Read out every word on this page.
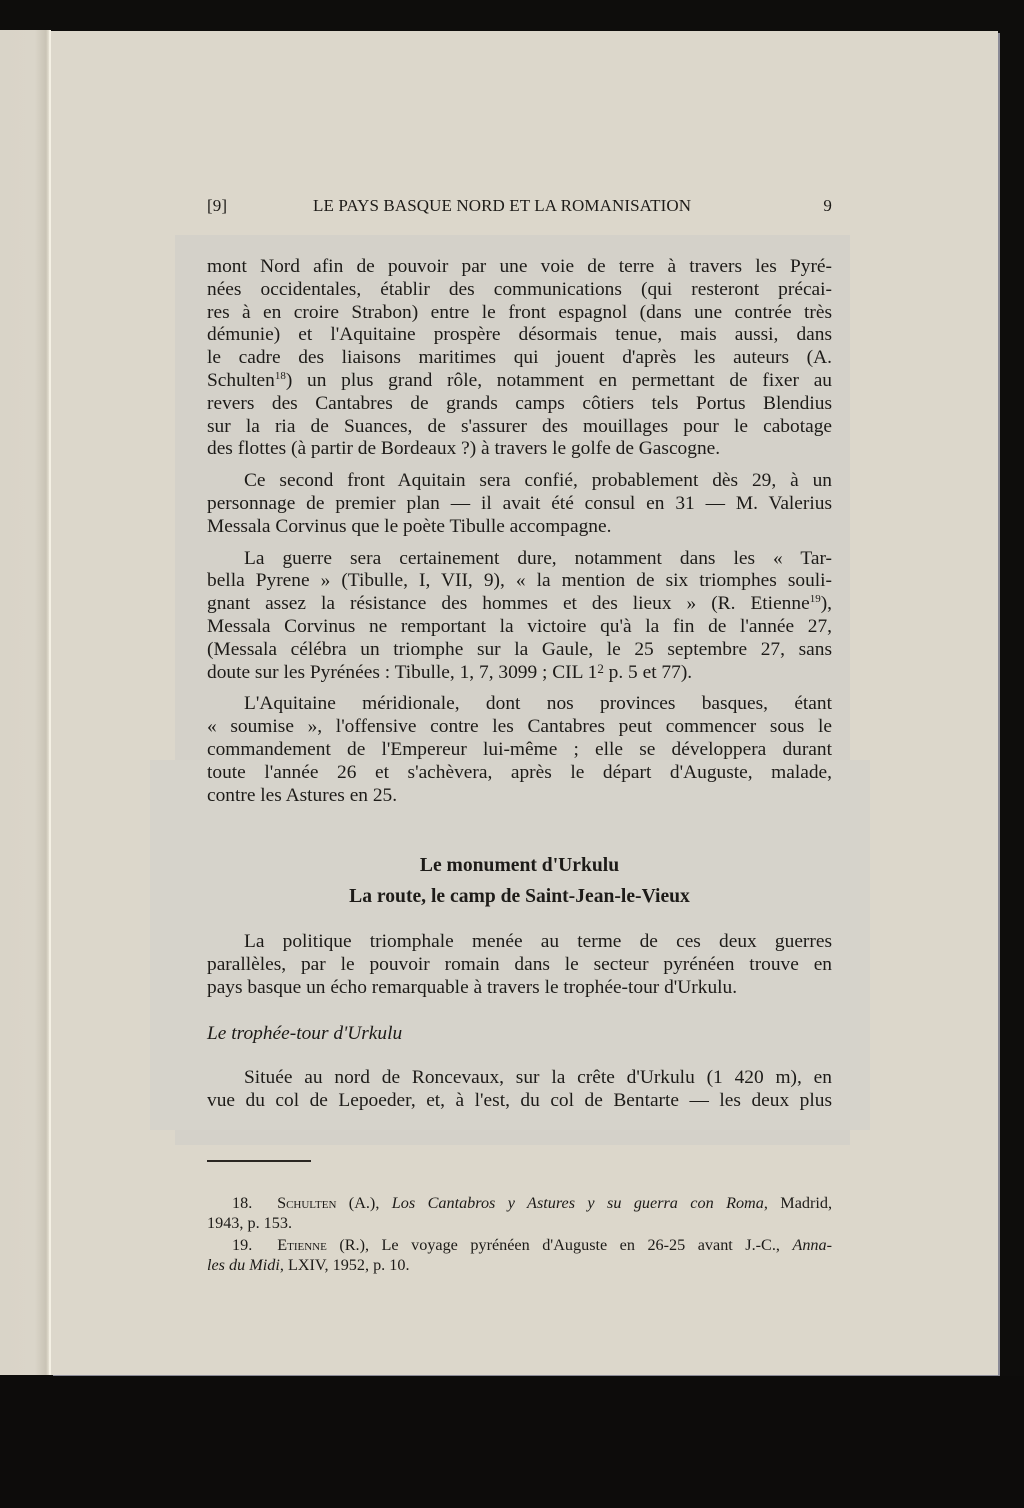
[9]	LE PAYS BASQUE NORD ET LA ROMANISATION	9

mont Nord afin de pouvoir par une voie de terre à travers les Pyré-
nées occidentales, établir des communications (qui resteront précai-
res à en croire Strabon) entre le front espagnol (dans une contrée très
démunie) et l'Aquitaine prospère désormais tenue, mais aussi, dans
le cadre des liaisons maritimes qui jouent d'après les auteurs (A.
Schulten$^{18}$) un plus grand rôle, notamment en permettant de fixer au
revers des Cantabres de grands camps côtiers tels Portus Blendius
sur la ria de Suances, de s'assurer des mouillages pour le cabotage
des flottes (à partir de Bordeaux ?) à travers le golfe de Gascogne.

Ce second front Aquitain sera confié, probablement dès 29, à un
personnage de premier plan — il avait été consul en 31 — M. Valerius
Messala Corvinus que le poète Tibulle accompagne.

La guerre sera certainement dure, notamment dans les « Tar-
bella Pyrene » (Tibulle, I, VII, 9), « la mention de six triomphes souli-
gnant assez la résistance des hommes et des lieux » (R. Etienne$^{19}$),
Messala Corvinus ne remportant la victoire qu'à la fin de l'année 27,
(Messala célébra un triomphe sur la Gaule, le 25 septembre 27, sans
doute sur les Pyrénées : Tibulle, 1, 7, 3099 ; CIL $1^2$ p. 5 et 77).

L'Aquitaine méridionale, dont nos provinces basques, étant
« soumise », l'offensive contre les Cantabres peut commencer sous le
commandement de l'Empereur lui-même ; elle se développera durant
toute l'année 26 et s'achèvera, après le départ d'Auguste, malade,
contre les Astures en 25.

Le monument d'Urkulu
La route, le camp de Saint-Jean-le-Vieux
La politique triomphale menée au terme de ces deux guerres
parallèles, par le pouvoir romain dans le secteur pyrénéen trouve en
pays basque un écho remarquable à travers le trophée-tour d'Urkulu.
Le trophée-tour d'Urkulu
Située au nord de Roncevaux, sur la crête d'Urkulu (1 420 m), en
vue du col de Lepoeder, et, à l'est, du col de Bentarte — les deux plus
18. Schulten (A.), Los Cantabros y Astures y su guerra con Roma, Madrid,
1943, p. 153.
19. Etienne (R.), Le voyage pyrénéen d'Auguste en 26-25 avant J.-C., Anna-
les du Midi, LXIV, 1952, p. 10.
